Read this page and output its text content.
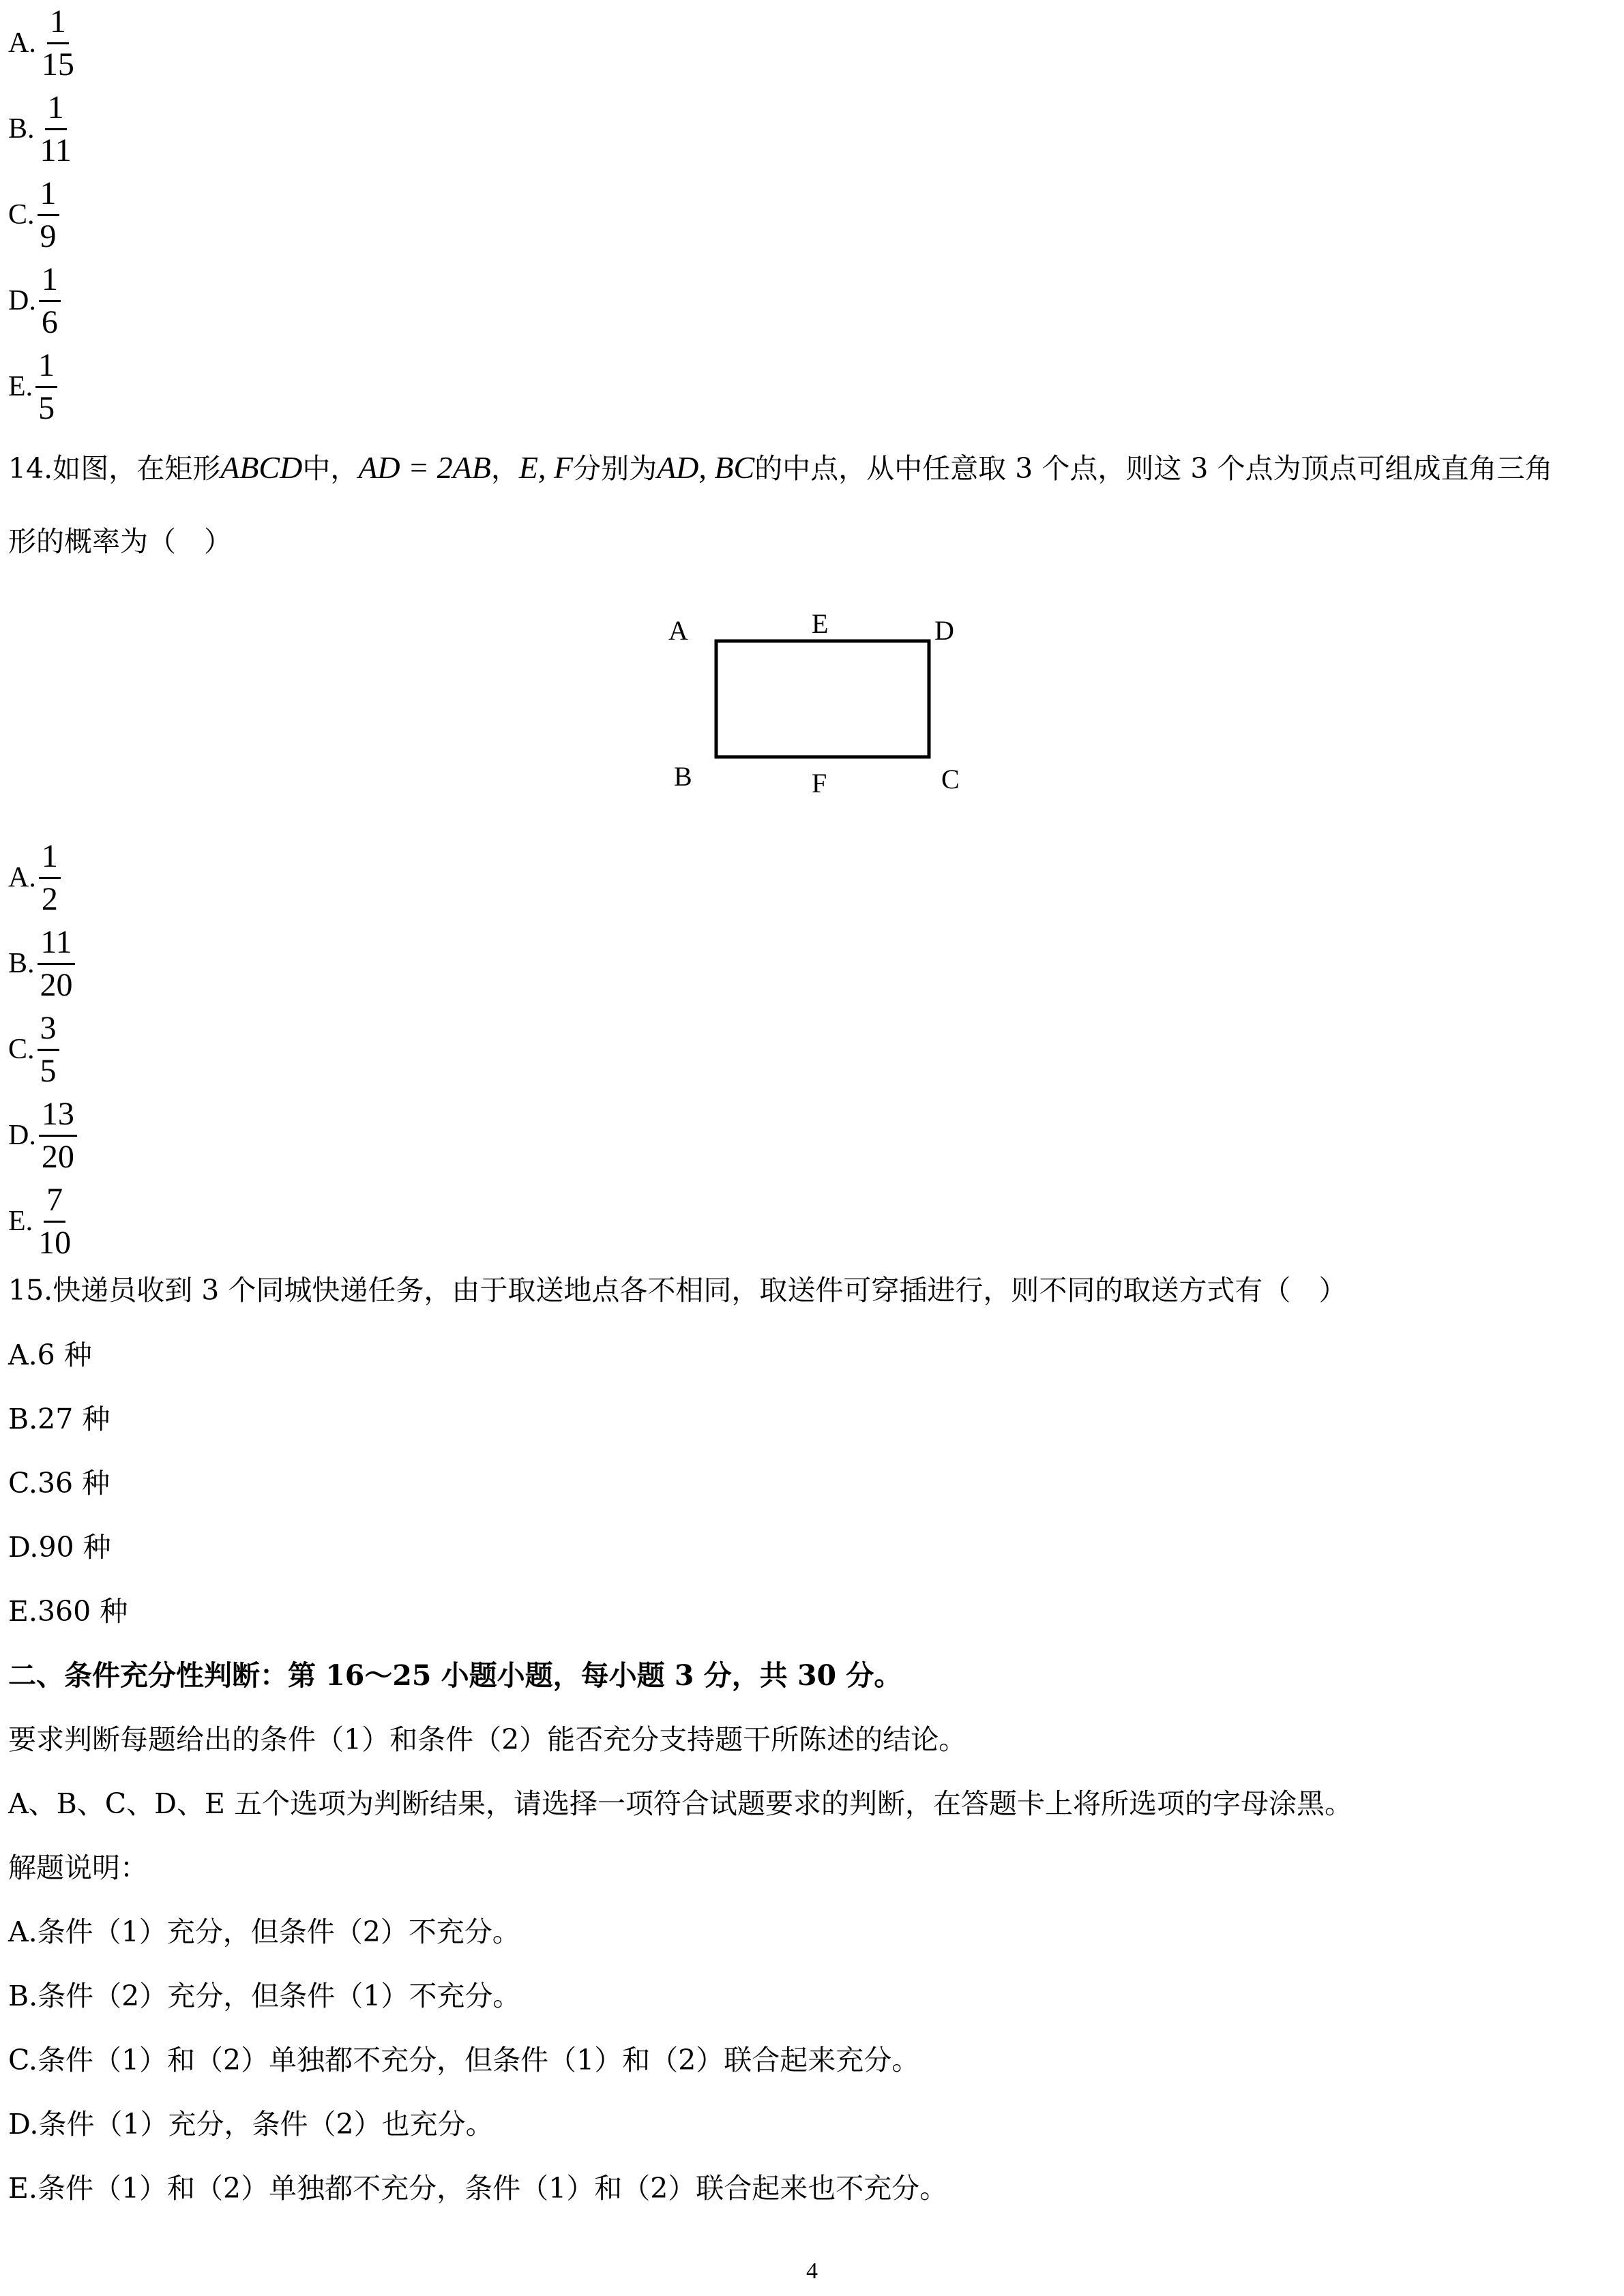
A. $\frac{1}{15}$
B. $\frac{1}{11}$
C. $\frac{1}{9}$
D. $\frac{1}{6}$
E. $\frac{1}{5}$
14.如图，在矩形ABCD中，AD = 2AB，E, F分别为AD, BC的中点，从中任意取 3 个点，则这 3 个点为顶点可组成直角三角
形的概率为（　）
A	E	D
B	F	C
A. $\frac{1}{2}$
B. $\frac{11}{20}$
C. $\frac{3}{5}$
D. $\frac{13}{20}$
E. $\frac{7}{10}$
15.快递员收到 3 个同城快递任务，由于取送地点各不相同，取送件可穿插进行，则不同的取送方式有（　）
A.6 种
B.27 种
C.36 种
D.90 种
E.360 种
二、条件充分性判断：第 16～25 小题小题，每小题 3 分，共 30 分。
要求判断每题给出的条件（1）和条件（2）能否充分支持题干所陈述的结论。
A、B、C、D、E 五个选项为判断结果，请选择一项符合试题要求的判断，在答题卡上将所选项的字母涂黑。
解题说明：
A.条件（1）充分，但条件（2）不充分。
B.条件（2）充分，但条件（1）不充分。
C.条件（1）和（2）单独都不充分，但条件（1）和（2）联合起来充分。
D.条件（1）充分，条件（2）也充分。
E.条件（1）和（2）单独都不充分，条件（1）和（2）联合起来也不充分。
4
